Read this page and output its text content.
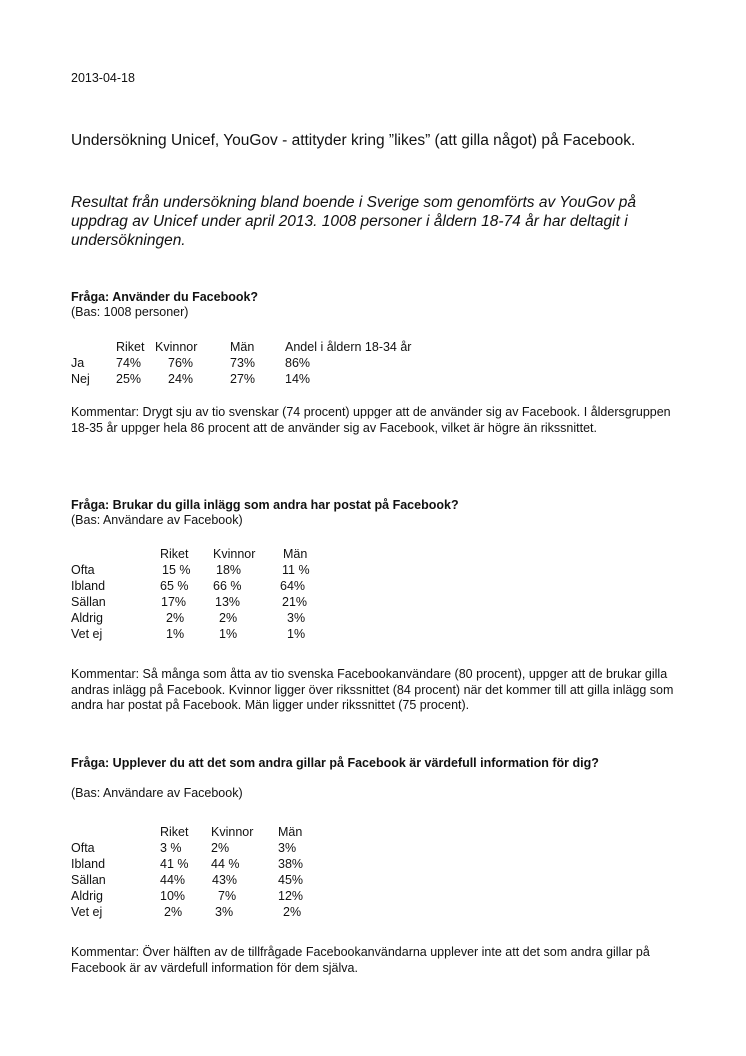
2013-04-18
Undersökning Unicef, YouGov - attityder kring ”likes” (att gilla något) på Facebook.
Resultat från undersökning bland boende i Sverige som genomförts av YouGov på uppdrag av Unicef under april 2013. 1008 personer i åldern 18-74 år har deltagit i undersökningen.
Fråga: Använder du Facebook?
(Bas: 1008 personer)
Riket Kvinnor	Män Andel i åldern 18-34 år
Ja	74% 76%	73% 86%
Nej 25% 24%	27% 14%
Kommentar: Drygt sju av tio svenskar (74 procent) uppger att de använder sig av Facebook. I åldersgruppen 18-35 år uppger hela 86 procent att de använder sig av Facebook, vilket är högre än rikssnittet.
Fråga: Brukar du gilla inlägg som andra har postat på Facebook?
(Bas: Användare av Facebook)
Riket Kvinnor Män
Ofta	15 % 18%	11 %
Ibland	65 % 66 %	64%
Sällan	17% 13%	21%
Aldrig	2%	2%	3%
Vet ej	1%	1%	1%
Kommentar: Så många som åtta av tio svenska Facebookanvändare (80 procent), uppger att de brukar gilla andras inlägg på Facebook. Kvinnor ligger över rikssnittet (84 procent) när det kommer till att gilla inlägg som andra har postat på Facebook. Män ligger under rikssnittet (75 procent).
Fråga: Upplever du att det som andra gillar på Facebook är värdefull information för dig?
(Bas: Användare av Facebook)
Riket Kvinnor Män
Ofta	3 % 2%	3%
Ibland	41 % 44 %	38%
Sällan	44% 43%	45%
Aldrig	10%	7%	12%
Vet ej	2%	3%	2%
Kommentar: Över hälften av de tillfrågade Facebookanvändarna upplever inte att det som andra gillar på Facebook är av värdefull information för dem själva.
